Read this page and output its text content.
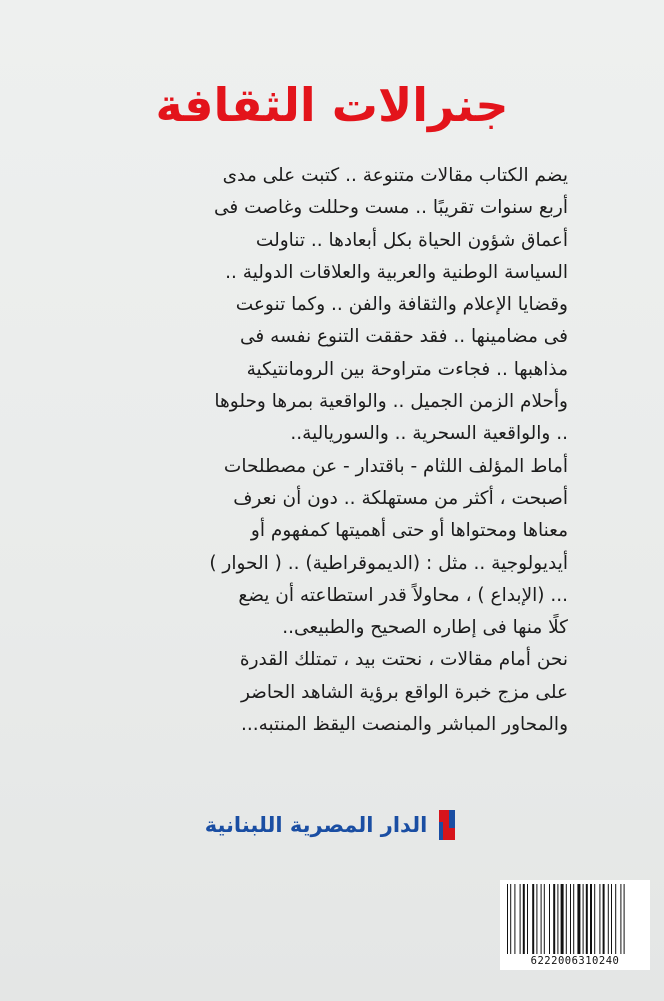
جنرالات الثقافة
يضم الكتاب مقالات متنوعة .. كتبت على مدى
أربع سنوات تقريبًا .. مست وحللت وغاصت فى
أعماق شؤون الحياة بكل أبعادها .. تناولت
السياسة الوطنية والعربية والعلاقات الدولية ..
وقضايا الإعلام والثقافة والفن .. وكما تنوعت
فى مضامينها .. فقد حققت التنوع نفسه فى
مذاهبها .. فجاءت متراوحة بين الرومانتيكية
وأحلام الزمن الجميل .. والواقعية بمرها وحلوها
.. والواقعية السحرية .. والسوريالية..
أماط المؤلف اللثام - باقتدار - عن مصطلحات
أصبحت ، أكثر من مستهلكة .. دون أن نعرف
معناها ومحتواها أو حتى أهميتها كمفهوم أو
أيديولوجية .. مثل : (الديموقراطية) .. ( الحوار )
... (الإبداع ) ، محاولاً قدر استطاعته أن يضع
كلًا منها فى إطاره الصحيح والطبيعى..
نحن أمام مقالات ، نحتت بيد ، تمتلك القدرة
على مزج خبرة الواقع برؤية الشاهد الحاضر
والمحاور المباشر والمنصت اليقظ المنتبه...
الدار المصرية اللبنانية
6222006310240
